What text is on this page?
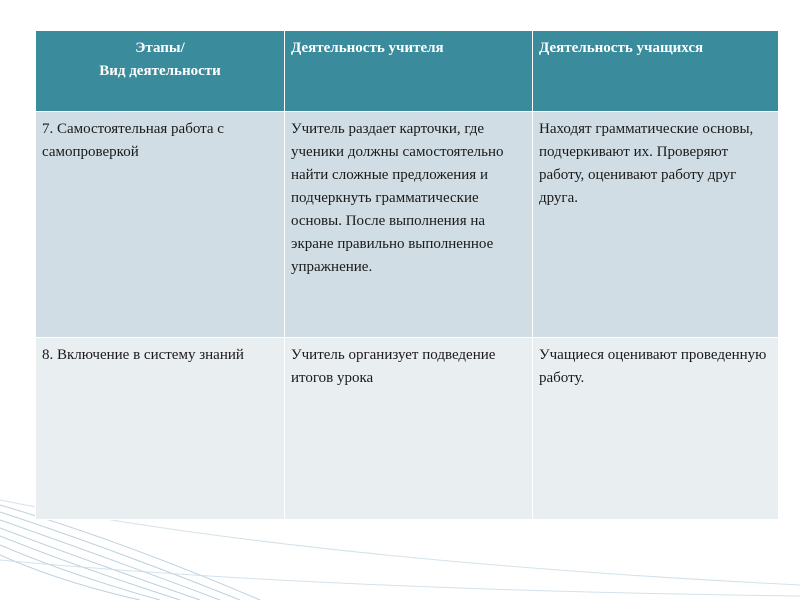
Этапы/
Вид деятельности	Деятельность учителя	Деятельность учащихся
7. Самостоятельная работа с самопроверкой	Учитель раздает карточки, где ученики должны самостоятельно найти сложные предложения и подчеркнуть грамматические основы. После выполнения на экране правильно выполненное упражнение.	Находят грамматические основы, подчеркивают их. Проверяют работу, оценивают работу друг друга.
8. Включение в систему знаний	Учитель организует подведение итогов урока	Учащиеся оценивают проведенную работу.
